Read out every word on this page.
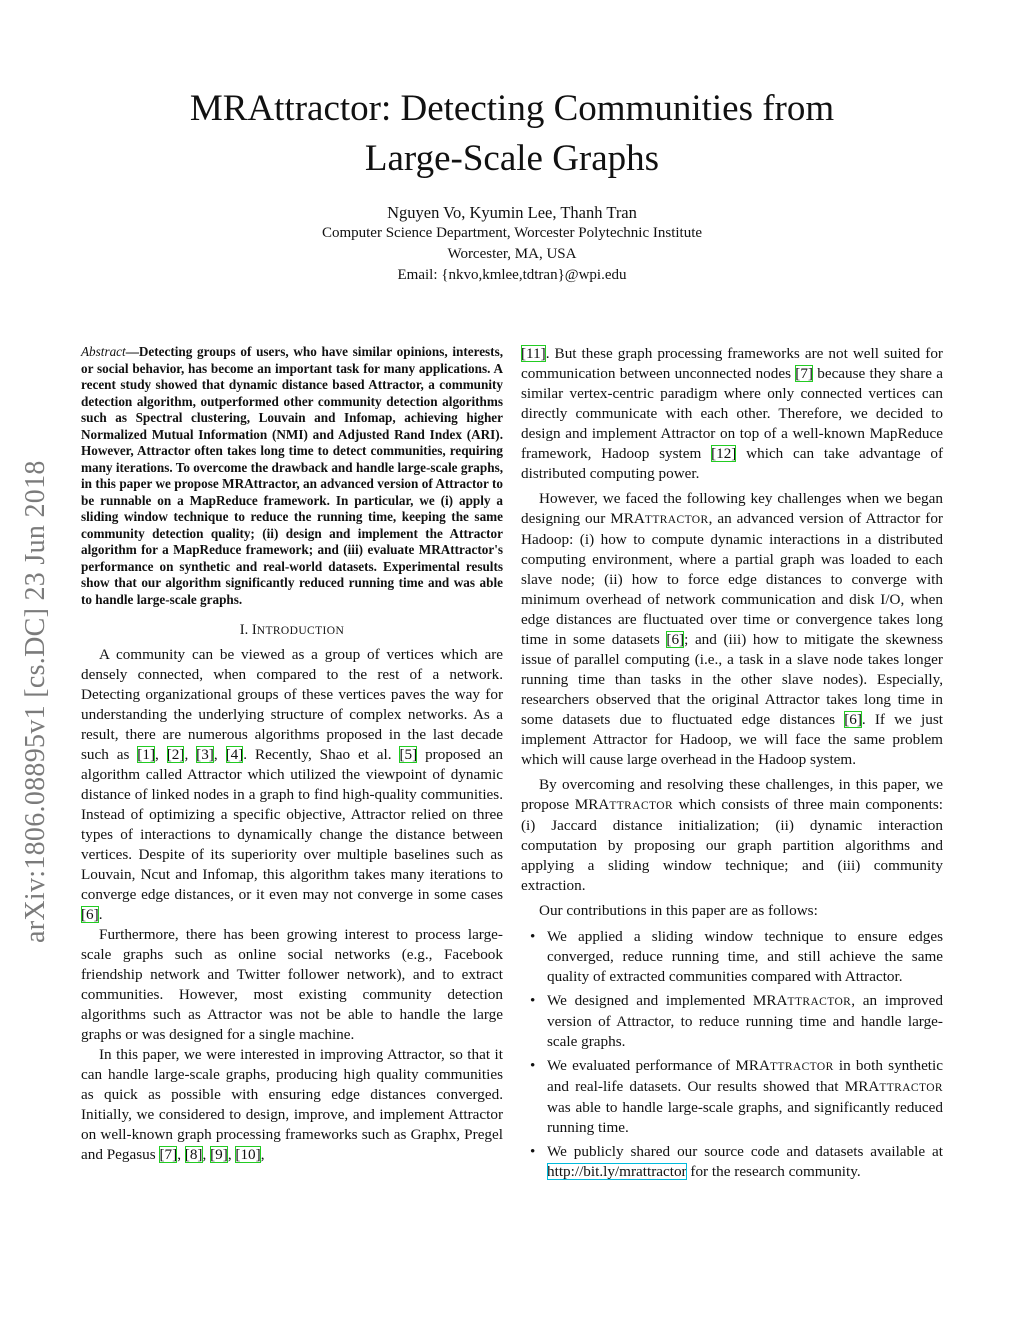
MRAttractor: Detecting Communities from
Large-Scale Graphs
Nguyen Vo, Kyumin Lee, Thanh Tran
Computer Science Department, Worcester Polytechnic Institute
Worcester, MA, USA
Email: {nkvo,kmlee,tdtran}@wpi.edu
arXiv:1806.08895v1 [cs.DC] 23 Jun 2018

Abstract—Detecting groups of users, who have similar opinions, interests, or social behavior, has become an important task for many applications. A recent study showed that dynamic distance based Attractor, a community detection algorithm, outperformed other community detection algorithms such as Spectral clustering, Louvain and Infomap, achieving higher Normalized Mutual Information (NMI) and Adjusted Rand Index (ARI). However, Attractor often takes long time to detect communities, requiring many iterations. To overcome the drawback and handle large-scale graphs, in this paper we propose MRAttractor, an advanced version of Attractor to be runnable on a MapReduce framework. In particular, we (i) apply a sliding window technique to reduce the running time, keeping the same community detection quality; (ii) design and implement the Attractor algorithm for a MapReduce framework; and (iii) evaluate MRAttractor's performance on synthetic and real-world datasets. Experimental results show that our algorithm significantly reduced running time and was able to handle large-scale graphs.

I. INTRODUCTION

A community can be viewed as a group of vertices which are densely connected, when compared to the rest of a network. Detecting organizational groups of these vertices paves the way for understanding the underlying structure of complex networks. As a result, there are numerous algorithms proposed in the last decade such as [1], [2], [3], [4]. Recently, Shao et al. [5] proposed an algorithm called Attractor which utilized the viewpoint of dynamic distance of linked nodes in a graph to find high-quality communities. Instead of optimizing a specific objective, Attractor relied on three types of interactions to dynamically change the distance between vertices. Despite of its superiority over multiple baselines such as Louvain, Ncut and Infomap, this algorithm takes many iterations to converge edge distances, or it even may not converge in some cases [6].

Furthermore, there has been growing interest to process large-scale graphs such as online social networks (e.g., Facebook friendship network and Twitter follower network), and to extract communities. However, most existing community detection algorithms such as Attractor was not be able to handle the large graphs or was designed for a single machine.

In this paper, we were interested in improving Attractor, so that it can handle large-scale graphs, producing high quality communities as quick as possible with ensuring edge distances converged. Initially, we considered to design, improve, and implement Attractor on well-known graph processing frameworks such as Graphx, Pregel and Pegasus [7], [8], [9], [10],

[11]. But these graph processing frameworks are not well suited for communication between unconnected nodes [7] because they share a similar vertex-centric paradigm where only connected vertices can directly communicate with each other. Therefore, we decided to design and implement Attractor on top of a well-known MapReduce framework, Hadoop system [12] which can take advantage of distributed computing power.

However, we faced the following key challenges when we began designing our MRATTRACTOR, an advanced version of Attractor for Hadoop: (i) how to compute dynamic interactions in a distributed computing environment, where a partial graph was loaded to each slave node; (ii) how to force edge distances to converge with minimum overhead of network communication and disk I/O, when edge distances are fluctuated over time or convergence takes long time in some datasets [6]; and (iii) how to mitigate the skewness issue of parallel computing (i.e., a task in a slave node takes longer running time than tasks in the other slave nodes). Especially, researchers observed that the original Attractor takes long time in some datasets due to fluctuated edge distances [6]. If we just implement Attractor for Hadoop, we will face the same problem which will cause large overhead in the Hadoop system.

By overcoming and resolving these challenges, in this paper, we propose MRATTRACTOR which consists of three main components: (i) Jaccard distance initialization; (ii) dynamic interaction computation by proposing our graph partition algorithms and applying a sliding window technique; and (iii) community extraction.

Our contributions in this paper are as follows:

• We applied a sliding window technique to ensure edges converged, reduce running time, and still achieve the same quality of extracted communities compared with Attractor.
• We designed and implemented MRATTRACTOR, an improved version of Attractor, to reduce running time and handle large-scale graphs.
• We evaluated performance of MRATTRACTOR in both synthetic and real-life datasets. Our results showed that MRATTRACTOR was able to handle large-scale graphs, and significantly reduced running time.
• We publicly shared our source code and datasets available at http://bit.ly/mrattractor for the research community.
